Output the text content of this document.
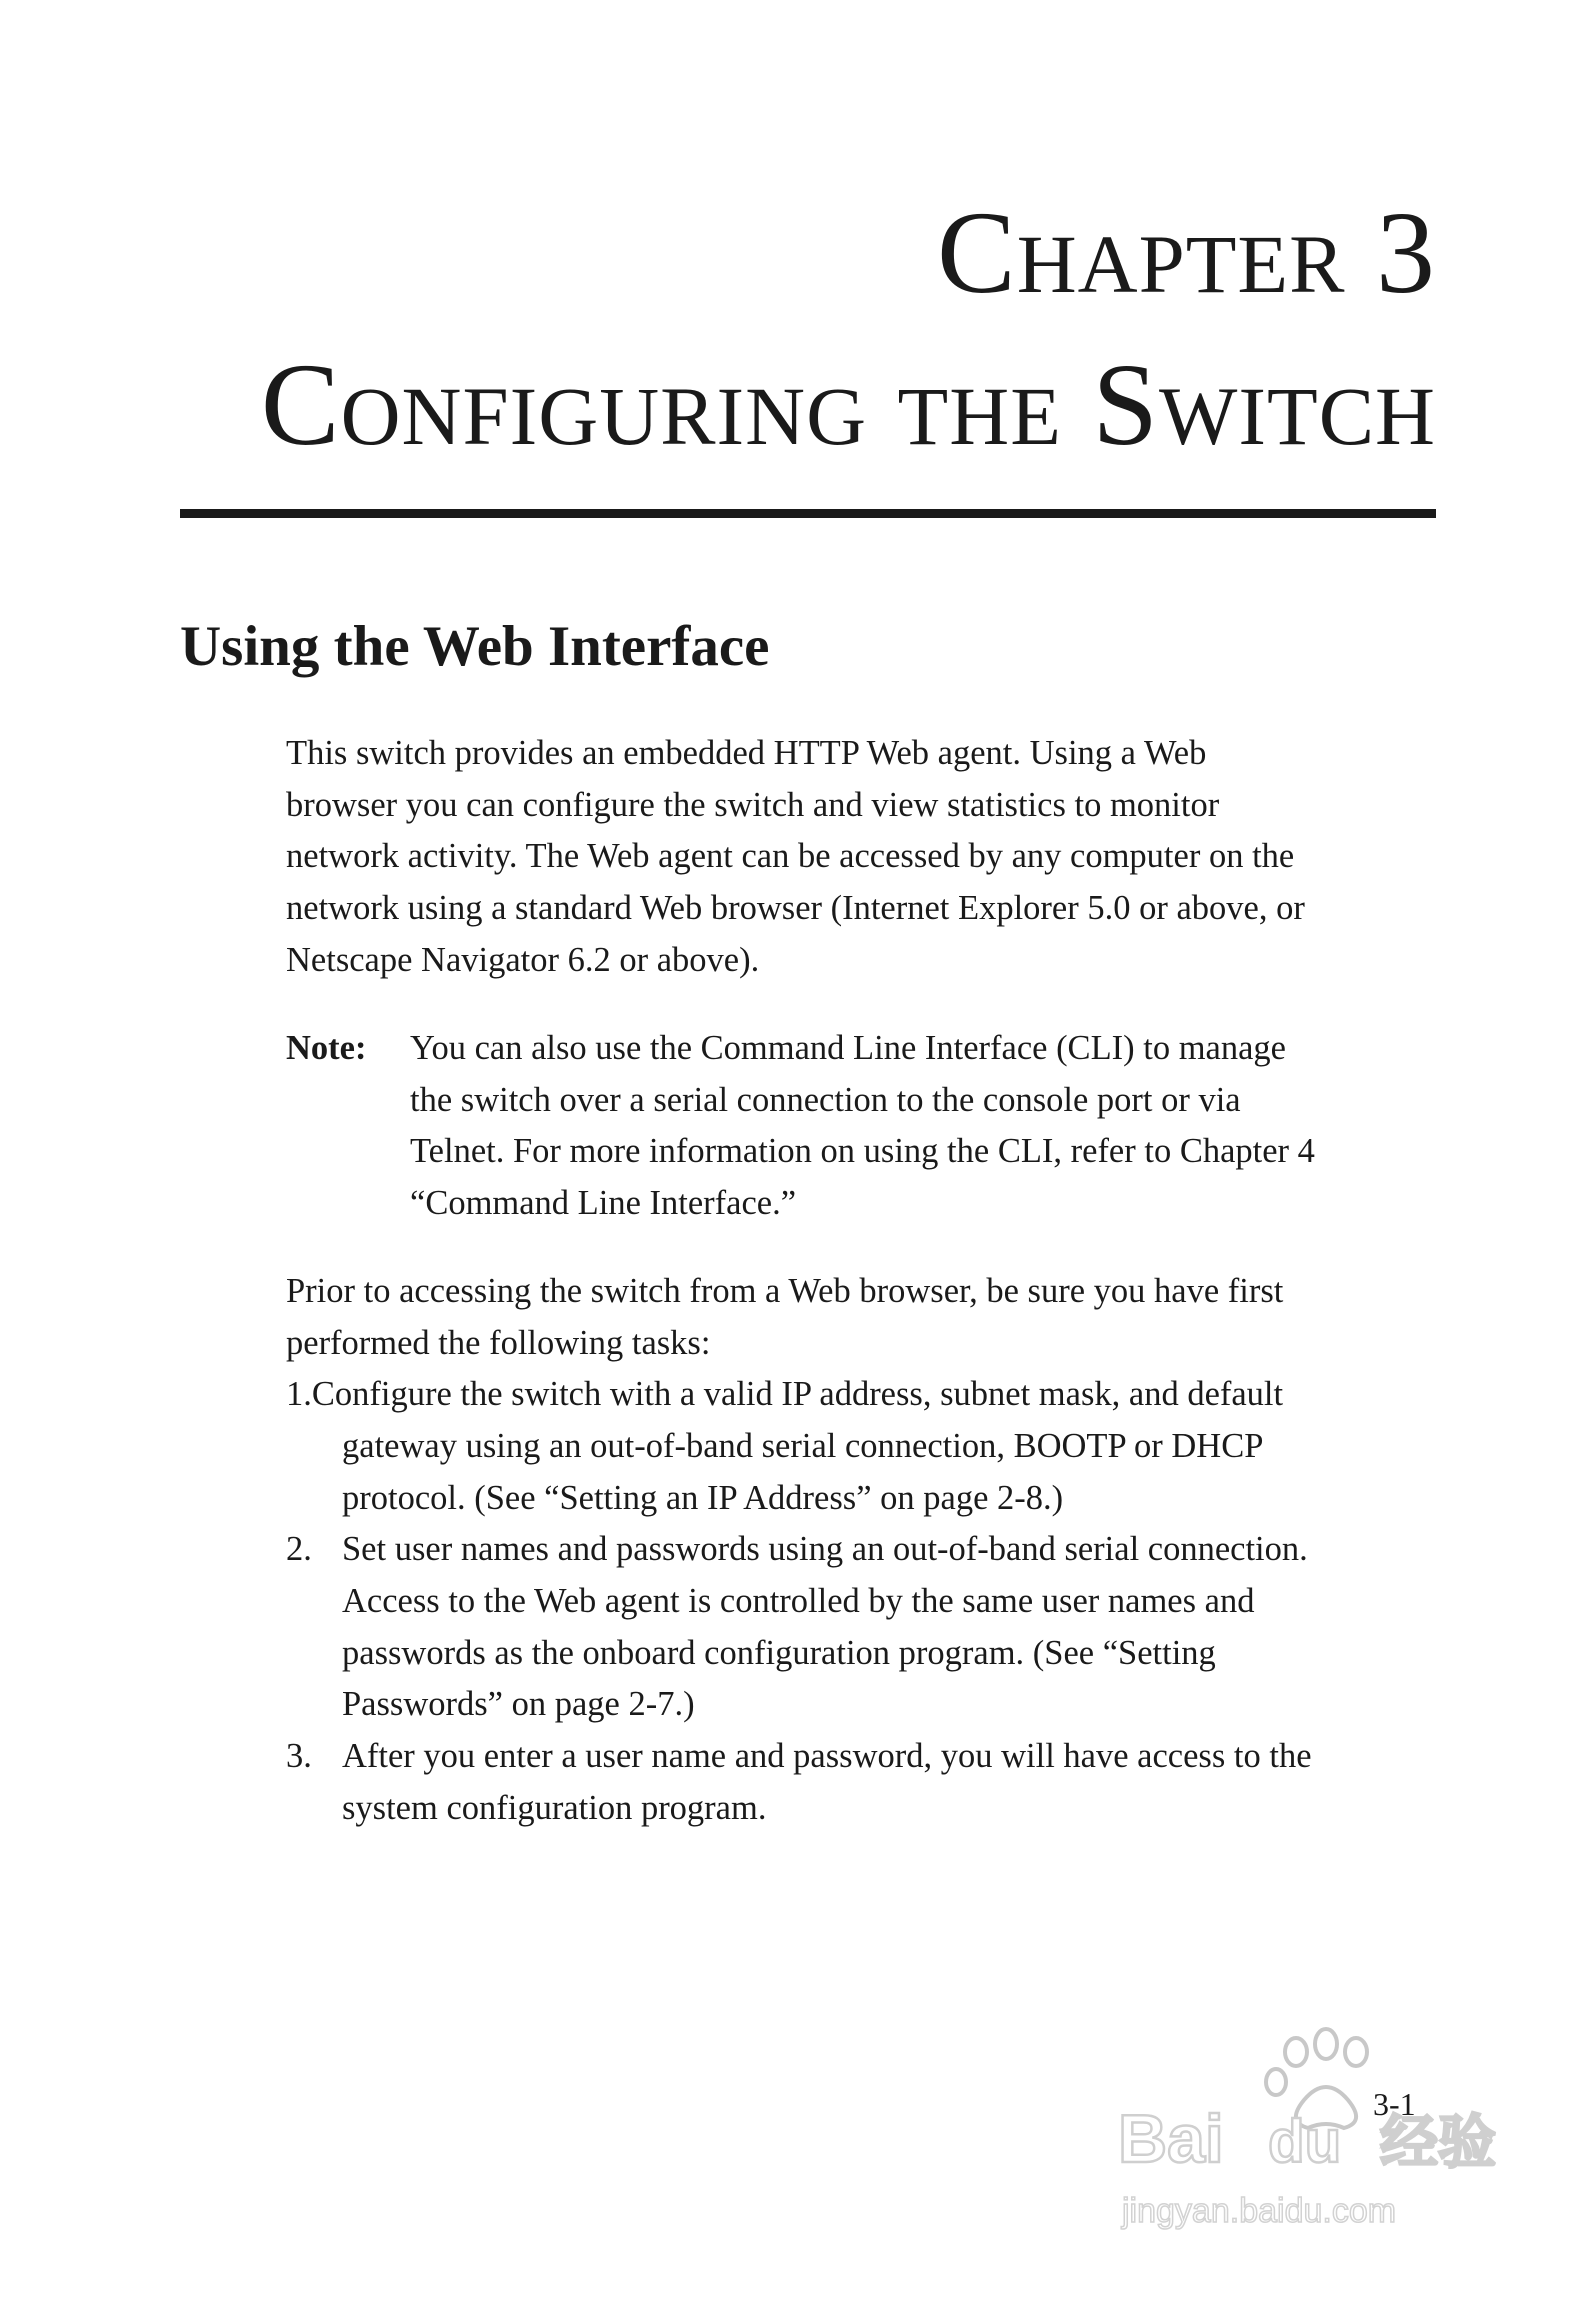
Chapter 3
Configuring the Switch
Using the Web Interface

This switch provides an embedded HTTP Web agent. Using a Web

browser you can configure the switch and view statistics to monitor

network activity. The Web agent can be accessed by any computer on the

network using a standard Web browser (Internet Explorer 5.0 or above, or

Netscape Navigator 6.2 or above).

Note: You can also use the Command Line Interface (CLI) to manage

the switch over a serial connection to the console port or via

Telnet. For more information on using the CLI, refer to Chapter 4

“Command Line Interface.”

Prior to accessing the switch from a Web browser, be sure you have first

performed the following tasks:

1.Configure the switch with a valid IP address, subnet mask, and default

gateway using an out-of-band serial connection, BOOTP or DHCP

protocol. (See “Setting an IP Address” on page 2-8.)

2. Set user names and passwords using an out-of-band serial connection.

Access to the Web agent is controlled by the same user names and

passwords as the onboard configuration program. (See “Setting

Passwords” on page 2-7.)

3. After you enter a user name and password, you will have access to the

system configuration program.

3-1
Bai du 经验
jingyan.baidu.com
